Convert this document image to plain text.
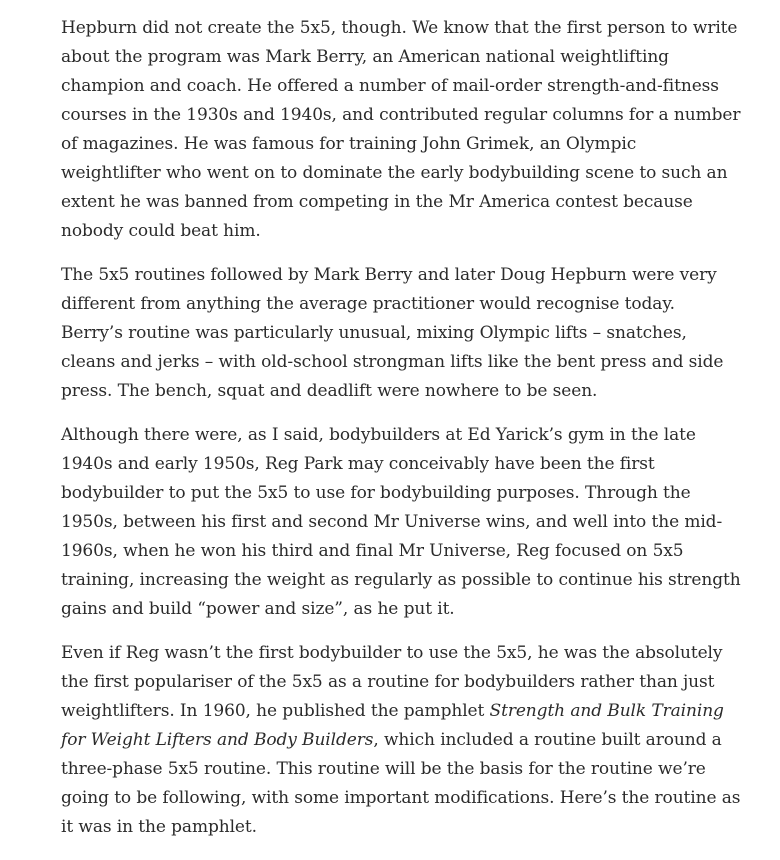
Hepburn did not create the 5x5, though. We know that the first person to write about the program was Mark Berry, an American national weightlifting champion and coach. He offered a number of mail-order strength-and-fitness courses in the 1930s and 1940s, and contributed regular columns for a number of magazines. He was famous for training John Grimek, an Olympic weightlifter who went on to dominate the early bodybuilding scene to such an extent he was banned from competing in the Mr America contest because nobody could beat him.

The 5x5 routines followed by Mark Berry and later Doug Hepburn were very different from anything the average practitioner would recognise today. Berry’s routine was particularly unusual, mixing Olympic lifts – snatches, cleans and jerks – with old-school strongman lifts like the bent press and side press. The bench, squat and deadlift were nowhere to be seen.

Although there were, as I said, bodybuilders at Ed Yarick’s gym in the late 1940s and early 1950s, Reg Park may conceivably have been the first bodybuilder to put the 5x5 to use for bodybuilding purposes. Through the 1950s, between his first and second Mr Universe wins, and well into the mid-1960s, when he won his third and final Mr Universe, Reg focused on 5x5 training, increasing the weight as regularly as possible to continue his strength gains and build “power and size”, as he put it.

Even if Reg wasn’t the first bodybuilder to use the 5x5, he was the absolutely the first populariser of the 5x5 as a routine for bodybuilders rather than just weightlifters. In 1960, he published the pamphlet Strength and Bulk Training for Weight Lifters and Body Builders, which included a routine built around a three-phase 5x5 routine. This routine will be the basis for the routine we’re going to be following, with some important modifications. Here’s the routine as it was in the pamphlet.
